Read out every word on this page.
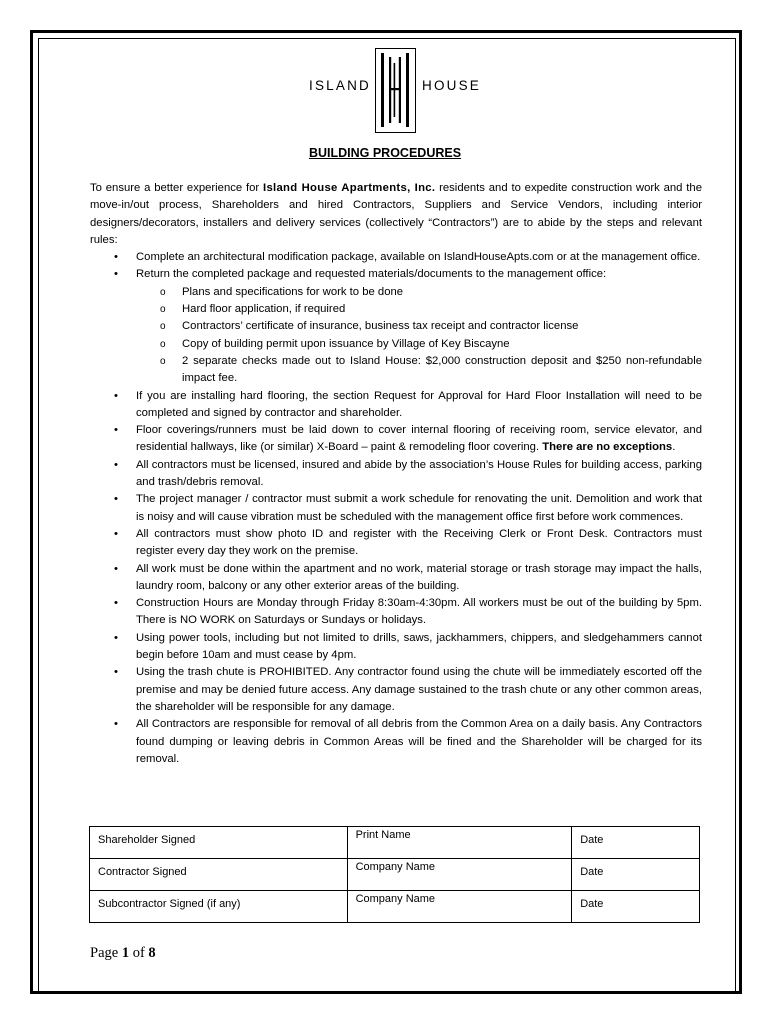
ISLAND	HOUSE
BUILDING PROCEDURES

To ensure a better experience for Island House Apartments, Inc. residents and to expedite construction work and the move-in/out process, Shareholders and hired Contractors, Suppliers and Service Vendors, including interior designers/decorators, installers and delivery services (collectively “Contractors”) are to abide by the steps and relevant rules:

• Complete an architectural modification package, available on IslandHouseApts.com or at the management office.
• Return the completed package and requested materials/documents to the management office:
o Plans and specifications for work to be done
o Hard floor application, if required
o Contractors’ certificate of insurance, business tax receipt and contractor license
o Copy of building permit upon issuance by Village of Key Biscayne
o 2 separate checks made out to Island House: $2,000 construction deposit and $250 non-refundable impact fee.
• If you are installing hard flooring, the section Request for Approval for Hard Floor Installation will need to be completed and signed by contractor and shareholder.
• Floor coverings/runners must be laid down to cover internal flooring of receiving room, service elevator, and residential hallways, like (or similar) X-Board – paint & remodeling floor covering. There are no exceptions.
• All contractors must be licensed, insured and abide by the association’s House Rules for building access, parking and trash/debris removal.
• The project manager / contractor must submit a work schedule for renovating the unit. Demolition and work that is noisy and will cause vibration must be scheduled with the management office first before work commences.
• All contractors must show photo ID and register with the Receiving Clerk or Front Desk. Contractors must register every day they work on the premise.
• All work must be done within the apartment and no work, material storage or trash storage may impact the halls, laundry room, balcony or any other exterior areas of the building.
• Construction Hours are Monday through Friday 8:30am-4:30pm. All workers must be out of the building by 5pm. There is NO WORK on Saturdays or Sundays or holidays.
• Using power tools, including but not limited to drills, saws, jackhammers, chippers, and sledgehammers cannot begin before 10am and must cease by 4pm.
• Using the trash chute is PROHIBITED. Any contractor found using the chute will be immediately escorted off the premise and may be denied future access. Any damage sustained to the trash chute or any other common areas, the shareholder will be responsible for any damage.
• All Contractors are responsible for removal of all debris from the Common Area on a daily basis. Any Contractors found dumping or leaving debris in Common Areas will be fined and the Shareholder will be charged for its removal.
Shareholder Signed	Print Name	Date
Contractor Signed	Company Name	Date
Subcontractor Signed (if any)	Company Name	Date
Page 1 of 8
